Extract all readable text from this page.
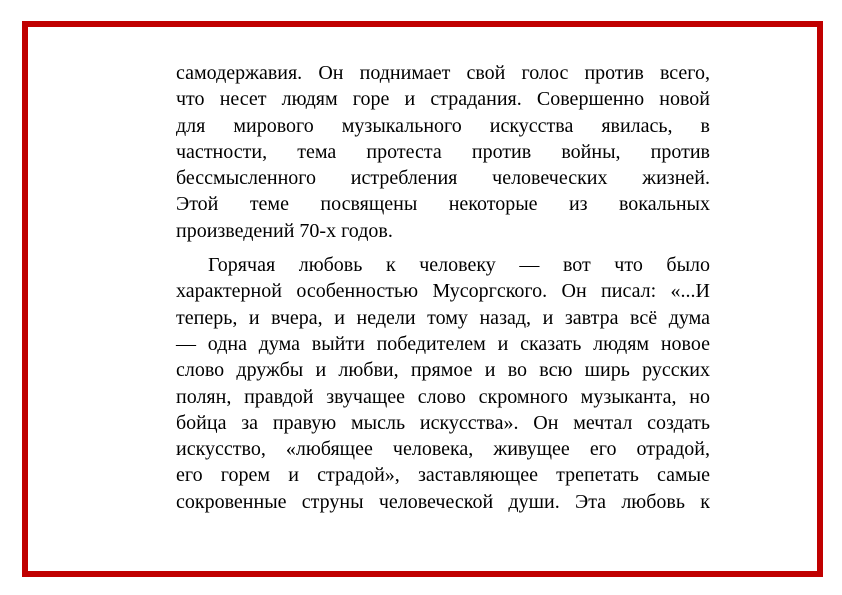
самодержавия. Он поднимает свой голос против всего,
что несет людям горе и страдания. Совершенно новой
для мирового музыкального искусства явилась, в
частности, тема протеста против войны, против
бессмысленного истребления человеческих жизней.
Этой теме посвящены некоторые из вокальных
произведений 70-х годов.
Горячая любовь к человеку — вот что было
характерной особенностью Мусоргского. Он писал: «...И
теперь, и вчера, и недели тому назад, и завтра всё дума
— одна дума выйти победителем и сказать людям новое
слово дружбы и любви, прямое и во всю ширь русских
полян, правдой звучащее слово скромного музыканта, но
бойца за правую мысль искусства». Он мечтал создать
искусство, «любящее человека, живущее его отрадой,
его горем и страдой», заставляющее трепетать самые
сокровенные струны человеческой души. Эта любовь к
